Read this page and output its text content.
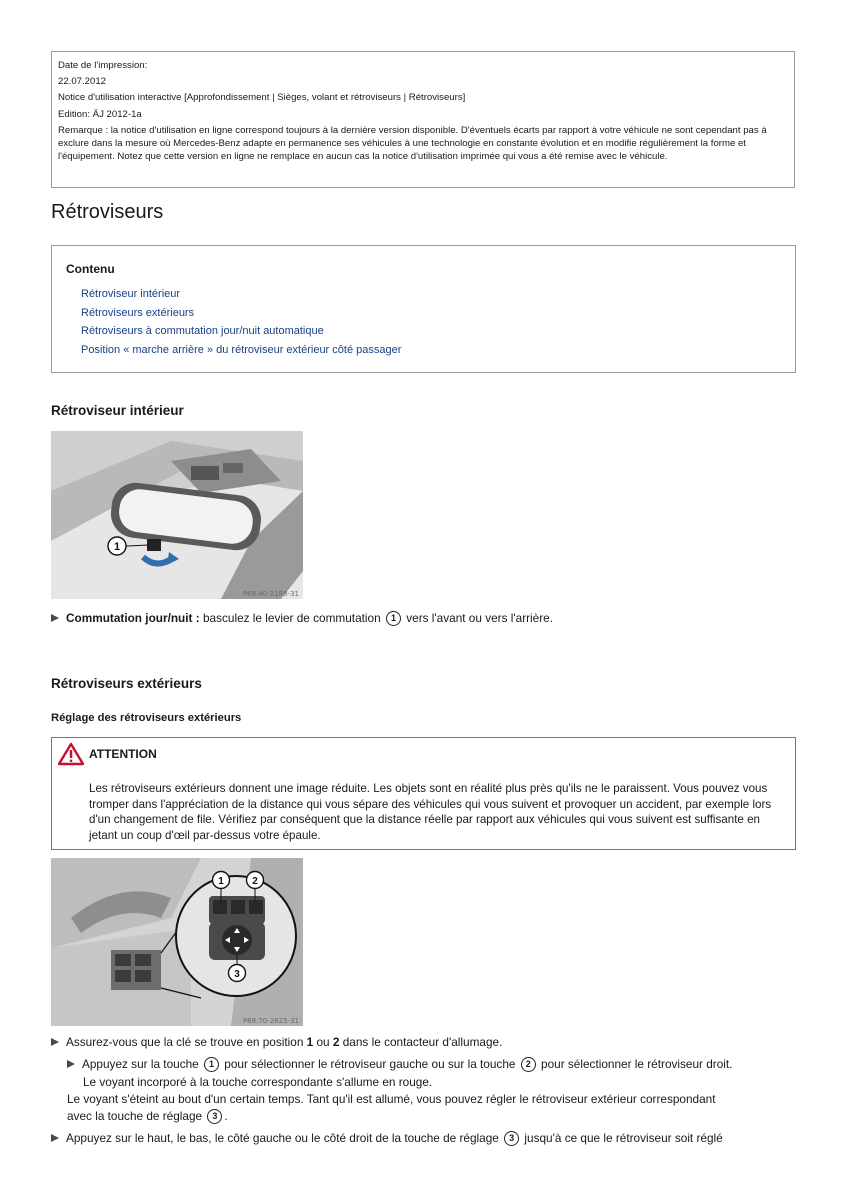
Date de l'impression:
22.07.2012
Notice d'utilisation interactive [Approfondissement | Sièges, volant et rétroviseurs | Rétroviseurs]
Edition: ÄJ 2012-1a
Remarque : la notice d'utilisation en ligne correspond toujours à la dernière version disponible. D'éventuels écarts par rapport à votre véhicule ne sont cependant pas à exclure dans la mesure où Mercedes-Benz adapte en permanence ses véhicules à une technologie en constante évolution et en modifie régulièrement la forme et l'équipement. Notez que cette version en ligne ne remplace en aucun cas la notice d'utilisation imprimée qui vous a été remise avec le véhicule.
Rétroviseurs
Contenu
Rétroviseur intérieur
Rétroviseurs extérieurs
Rétroviseurs à commutation jour/nuit automatique
Position « marche arrière » du rétroviseur extérieur côté passager
Rétroviseur intérieur
1
P68.40-2188-31
Commutation jour/nuit : basculez le levier de commutation 1 vers l'avant ou vers l'arrière.
Rétroviseurs extérieurs
Réglage des rétroviseurs extérieurs
ATTENTION
Les rétroviseurs extérieurs donnent une image réduite. Les objets sont en réalité plus près qu'ils ne le paraissent. Vous pouvez vous tromper dans l'appréciation de la distance qui vous sépare des véhicules qui vous suivent et provoquer un accident, par exemple lors d'un changement de file. Vérifiez par conséquent que la distance réelle par rapport aux véhicules qui vous suivent est suffisante en jetant un coup d'œil par-dessus votre épaule.
1	2
3
P68.70-2625-31
Assurez-vous que la clé se trouve en position 1 ou 2 dans le contacteur d'allumage.
Appuyez sur la touche 1 pour sélectionner le rétroviseur gauche ou sur la touche 2 pour sélectionner le rétroviseur droit.
Le voyant incorporé à la touche correspondante s'allume en rouge.
Le voyant s'éteint au bout d'un certain temps. Tant qu'il est allumé, vous pouvez régler le rétroviseur extérieur correspondant
avec la touche de réglage 3 .
Appuyez sur le haut, le bas, le côté gauche ou le côté droit de la touche de réglage 3 jusqu'à ce que le rétroviseur soit réglé
